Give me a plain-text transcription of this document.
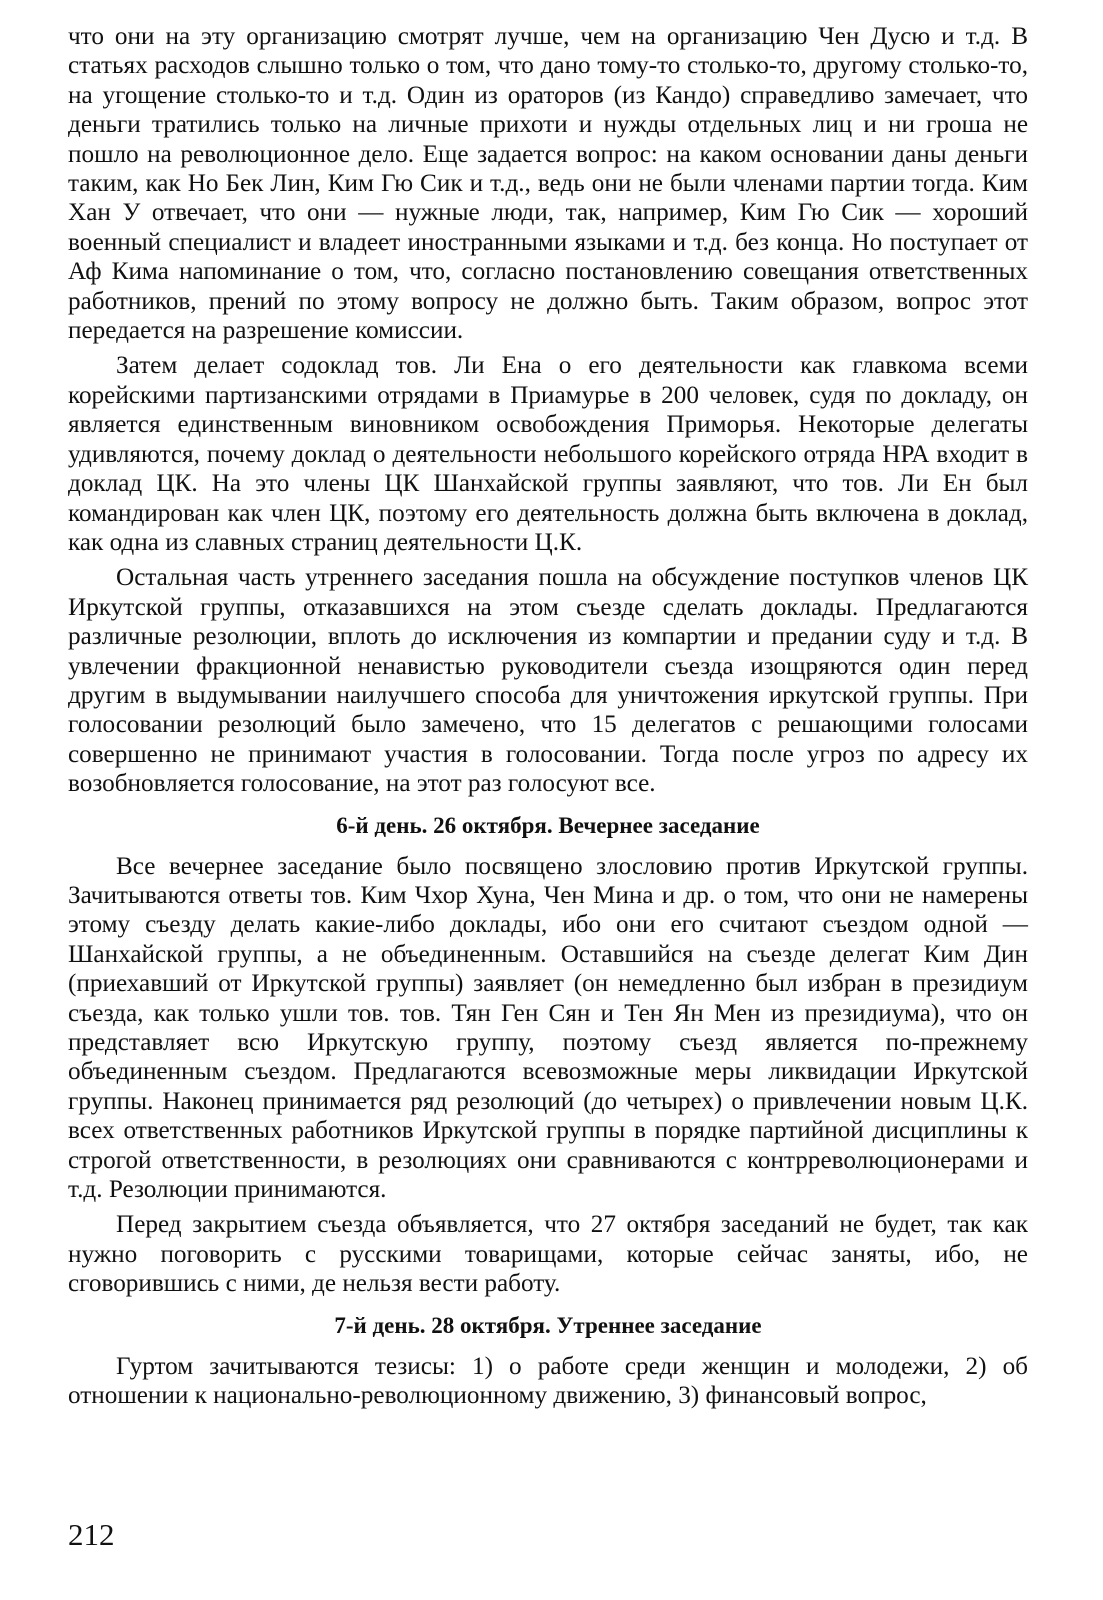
что они на эту организацию смотрят лучше, чем на организацию Чен Дусю и т.д. В статьях расходов слышно только о том, что дано тому-то столько-то, другому столько-то, на угощение столько-то и т.д. Один из ораторов (из Кандо) справедливо замечает, что деньги тратились только на личные прихоти и нужды отдельных лиц и ни гроша не пошло на революционное дело. Еще задается вопрос: на каком основании даны деньги таким, как Но Бек Лин, Ким Гю Сик и т.д., ведь они не были членами партии тогда. Ким Хан У отвечает, что они — нужные люди, так, например, Ким Гю Сик — хороший военный специалист и владеет иностранными языками и т.д. без конца. Но поступает от Аф Кима напоминание о том, что, согласно постановлению совещания ответственных работников, прений по этому вопросу не должно быть. Таким образом, вопрос этот передается на разрешение комиссии.

Затем делает содоклад тов. Ли Ена о его деятельности как главкома всеми корейскими партизанскими отрядами в Приамурье в 200 человек, судя по докладу, он является единственным виновником освобождения Приморья. Некоторые делегаты удивляются, почему доклад о деятельности небольшого корейского отряда НРА входит в доклад ЦК. На это члены ЦК Шанхайской группы заявляют, что тов. Ли Ен был командирован как член ЦК, поэтому его деятельность должна быть включена в доклад, как одна из славных страниц деятельности Ц.К.

Остальная часть утреннего заседания пошла на обсуждение поступков членов ЦК Иркутской группы, отказавшихся на этом съезде сделать доклады. Предлагаются различные резолюции, вплоть до исключения из компартии и предании суду и т.д. В увлечении фракционной ненавистью руководители съезда изощряются один перед другим в выдумывании наилучшего способа для уничтожения иркутской группы. При голосовании резолюций было замечено, что 15 делегатов с решающими голосами совершенно не принимают участия в голосовании. Тогда после угроз по адресу их возобновляется голосование, на этот раз голосуют все.

6-й день. 26 октября. Вечернее заседание

Все вечернее заседание было посвящено злословию против Иркутской группы. Зачитываются ответы тов. Ким Чхор Хуна, Чен Мина и др. о том, что они не намерены этому съезду делать какие-либо доклады, ибо они его считают съездом одной — Шанхайской группы, а не объединенным. Оставшийся на съезде делегат Ким Дин (приехавший от Иркутской группы) заявляет (он немедленно был избран в президиум съезда, как только ушли тов. тов. Тян Ген Сян и Тен Ян Мен из президиума), что он представляет всю Иркутскую группу, поэтому съезд является по-прежнему объединенным съездом. Предлагаются всевозможные меры ликвидации Иркутской группы. Наконец принимается ряд резолюций (до четырех) о привлечении новым Ц.К. всех ответственных работников Иркутской группы в порядке партийной дисциплины к строгой ответственности, в резолюциях они сравниваются с контрреволюционерами и т.д. Резолюции принимаются.

Перед закрытием съезда объявляется, что 27 октября заседаний не будет, так как нужно поговорить с русскими товарищами, которые сейчас заняты, ибо, не сговорившись с ними, де нельзя вести работу.

7-й день. 28 октября. Утреннее заседание

Гуртом зачитываются тезисы: 1) о работе среди женщин и молодежи, 2) об отношении к национально-революционному движению, 3) финансовый вопрос,

212
